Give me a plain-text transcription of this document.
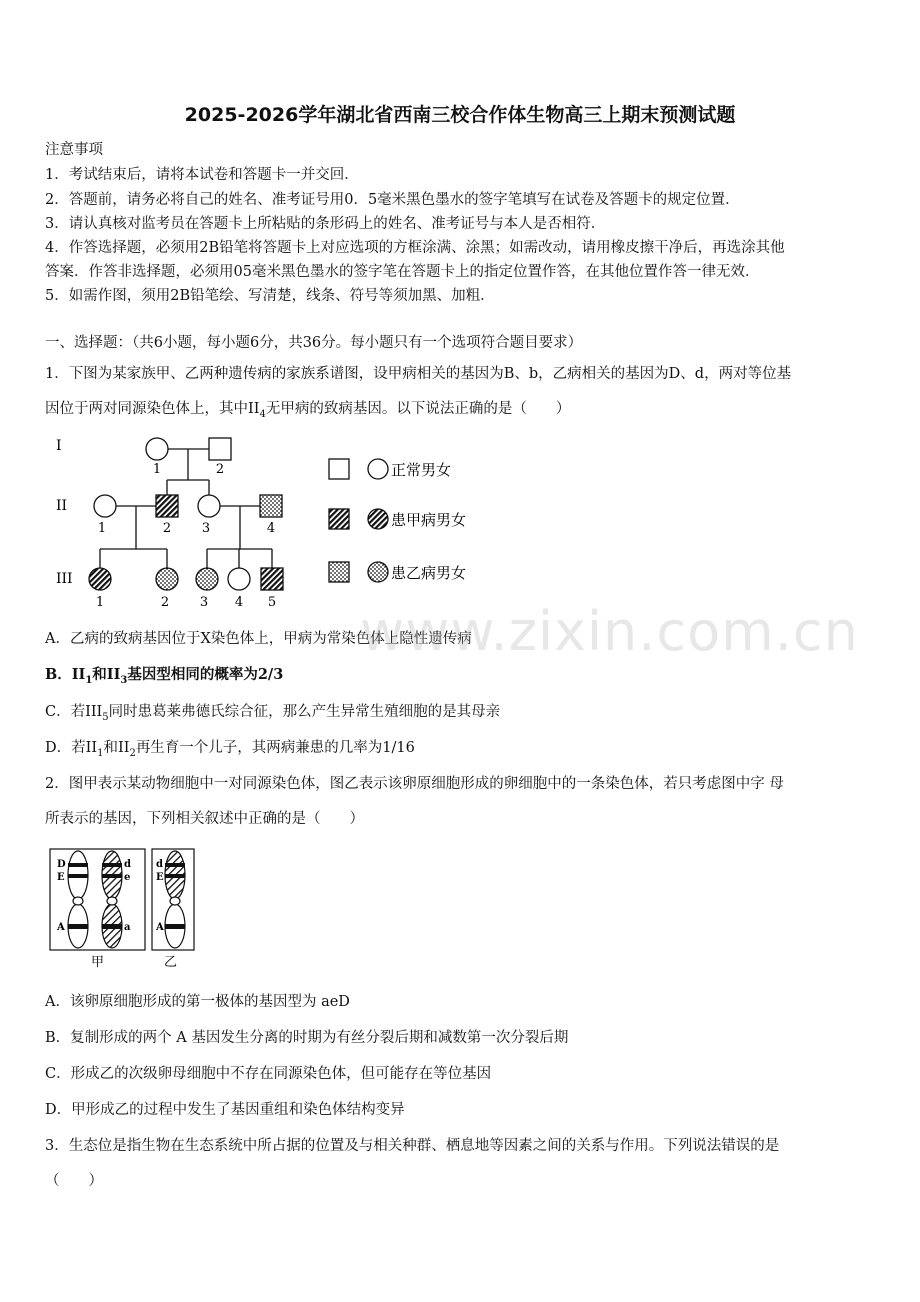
2025-2026学年湖北省西南三校合作体生物高三上期末预测试题
注意事项
1．考试结束后，请将本试卷和答题卡一并交回．
2．答题前，请务必将自己的姓名、准考证号用0．5毫米黑色墨水的签字笔填写在试卷及答题卡的规定位置．
3．请认真核对监考员在答题卡上所粘贴的条形码上的姓名、准考证号与本人是否相符．
4．作答选择题，必须用2B铅笔将答题卡上对应选项的方框涂满、涂黑；如需改动，请用橡皮擦干净后，再选涂其他
答案．作答非选择题，必须用05毫米黑色墨水的签字笔在答题卡上的指定位置作答，在其他位置作答一律无效．
5．如需作图，须用2B铅笔绘、写清楚，线条、符号等须加黑、加粗．
一、选择题：（共6小题，每小题6分，共36分。每小题只有一个选项符合题目要求）
1．下图为某家族甲、乙两种遗传病的家族系谱图，设甲病相关的基因为B、b，乙病相关的基因为D、d，两对等位基
因位于两对同源染色体上，其中$II_4$无甲病的致病基因。以下说法正确的是（　　）
I
II
III
1	2
1	2 3	4
1	2 3 4 5
正常男女
患甲病男女
患乙病男女
A．乙病的致病基因位于X染色体上，甲病为常染色体上隐性遗传病
B．$II_1$和$II_3$基因型相同的概率为2/3
C．若$III_5$同时患葛莱弗德氏综合征，那么产生异常生殖细胞的是其母亲
D．若$II_1$和$II_2$再生育一个儿子，其两病兼患的几率为1/16
2．图甲表示某动物细胞中一对同源染色体，图乙表示该卵原细胞形成的卵细胞中的一条染色体，若只考虑图中字 母
所表示的基因，下列相关叙述中正确的是（　　）
D
E
A
d
e
a
d
E
A
甲	乙
A．该卵原细胞形成的第一极体的基因型为 aeD
B．复制形成的两个 A 基因发生分离的时期为有丝分裂后期和减数第一次分裂后期
C．形成乙的次级卵母细胞中不存在同源染色体，但可能存在等位基因
D．甲形成乙的过程中发生了基因重组和染色体结构变异
3．生态位是指生物在生态系统中所占据的位置及与相关种群、栖息地等因素之间的关系与作用。下列说法错误的是
（　　）
www.zixin.com.cn
